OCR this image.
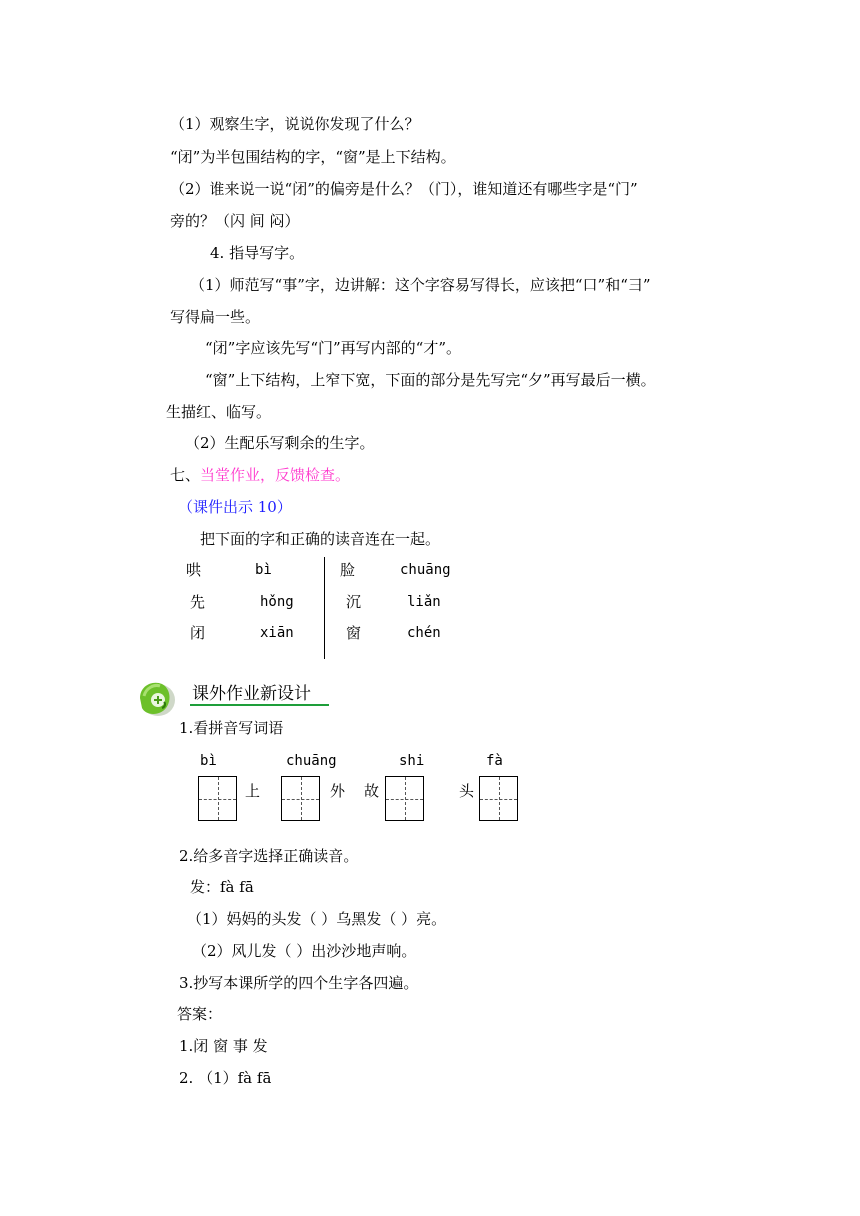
（1）观察生字，说说你发现了什么？
“闭”为半包围结构的字，“窗”是上下结构。
（2）谁来说一说“闭”的偏旁是什么？（门），谁知道还有哪些字是“门”
旁的？（闪 间 闷）
4. 指导写字。
（1）师范写“事”字，边讲解：这个字容易写得长，应该把“口”和“彐”
写得扁一些。
“闭”字应该先写“门”再写内部的“才”。
“窗”上下结构，上窄下宽，下面的部分是先写完“夕”再写最后一横。
生描红、临写。
（2）生配乐写剩余的生字。
七、当堂作业，反馈检查。
（课件出示 10）
把下面的字和正确的读音连在一起。
哄	bì
先	hǒng
闭	xiān
脸	chuāng
沉	liǎn
窗	chén
课外作业新设计
1.看拼音写词语
bì	chuāng	shi	fà
上	外 故	头
2.给多音字选择正确读音。
发：fà fā
（1）妈妈的头发（ ）乌黑发（ ）亮。
（2）风儿发（ ）出沙沙地声响。
3.抄写本课所学的四个生字各四遍。
答案：
1.闭 窗 事 发
2. （1）fà fā
